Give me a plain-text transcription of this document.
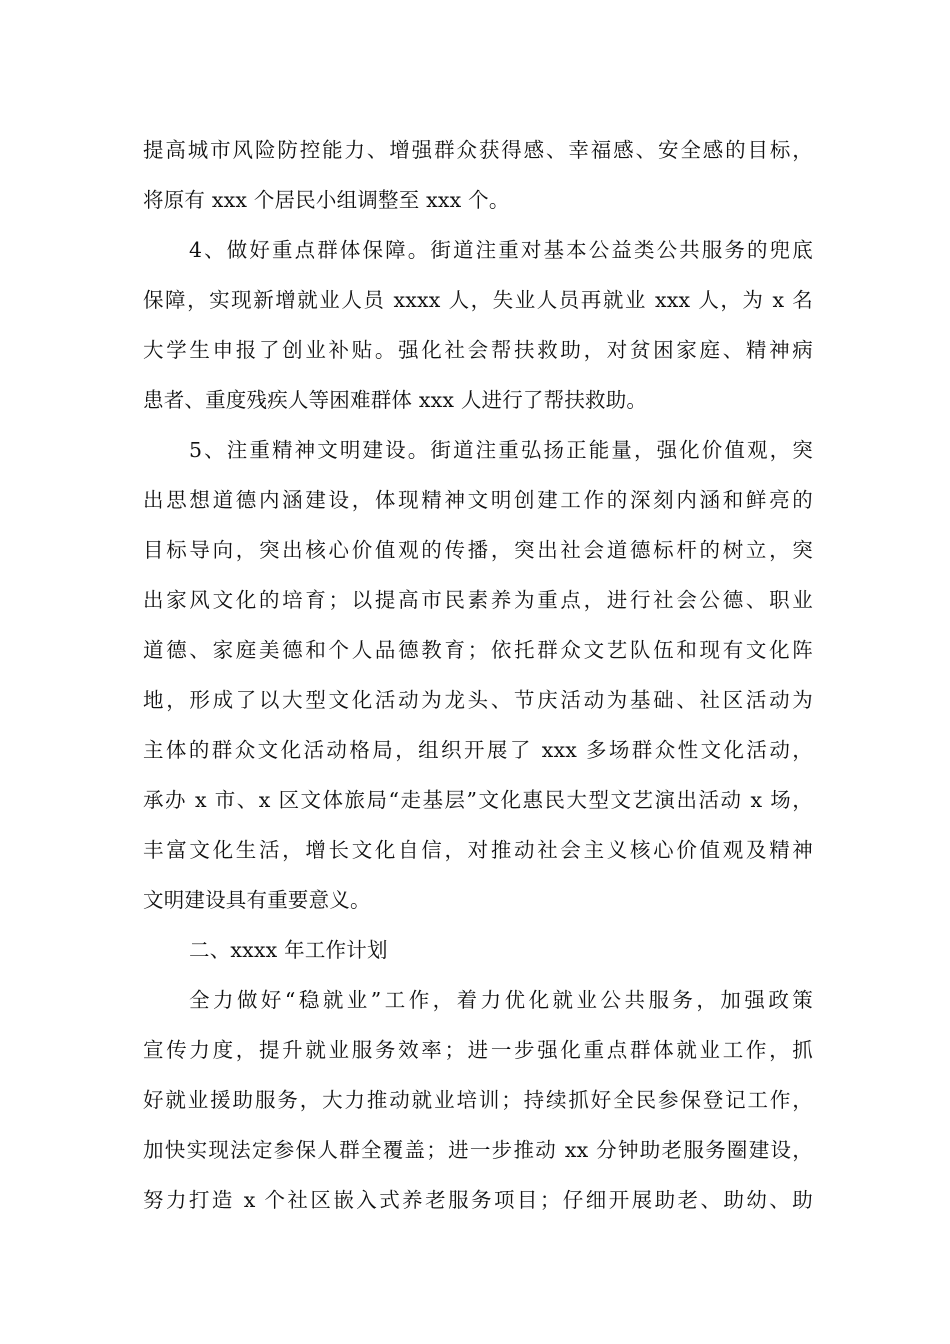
提高城市风险防控能力、增强群众获得感、幸福感、安全感的目标，
将原有 xxx 个居民小组调整至 xxx 个。
4、做好重点群体保障。街道注重对基本公益类公共服务的兜底
保障，实现新增就业人员 xxxx 人，失业人员再就业 xxx 人，为 x 名
大学生申报了创业补贴。强化社会帮扶救助，对贫困家庭、精神病
患者、重度残疾人等困难群体 xxx 人进行了帮扶救助。
5、注重精神文明建设。街道注重弘扬正能量，强化价值观，突
出思想道德内涵建设，体现精神文明创建工作的深刻内涵和鲜亮的
目标导向，突出核心价值观的传播，突出社会道德标杆的树立，突
出家风文化的培育；以提高市民素养为重点，进行社会公德、职业
道德、家庭美德和个人品德教育；依托群众文艺队伍和现有文化阵
地，形成了以大型文化活动为龙头、节庆活动为基础、社区活动为
主体的群众文化活动格局，组织开展了 xxx 多场群众性文化活动，
承办 x 市、x 区文体旅局“走基层”文化惠民大型文艺演出活动 x 场，
丰富文化生活，增长文化自信，对推动社会主义核心价值观及精神
文明建设具有重要意义。
二、xxxx 年工作计划
全力做好“稳就业”工作，着力优化就业公共服务，加强政策
宣传力度，提升就业服务效率；进一步强化重点群体就业工作，抓
好就业援助服务，大力推动就业培训；持续抓好全民参保登记工作，
加快实现法定参保人群全覆盖；进一步推动 xx 分钟助老服务圈建设，
努力打造 x 个社区嵌入式养老服务项目；仔细开展助老、助幼、助
